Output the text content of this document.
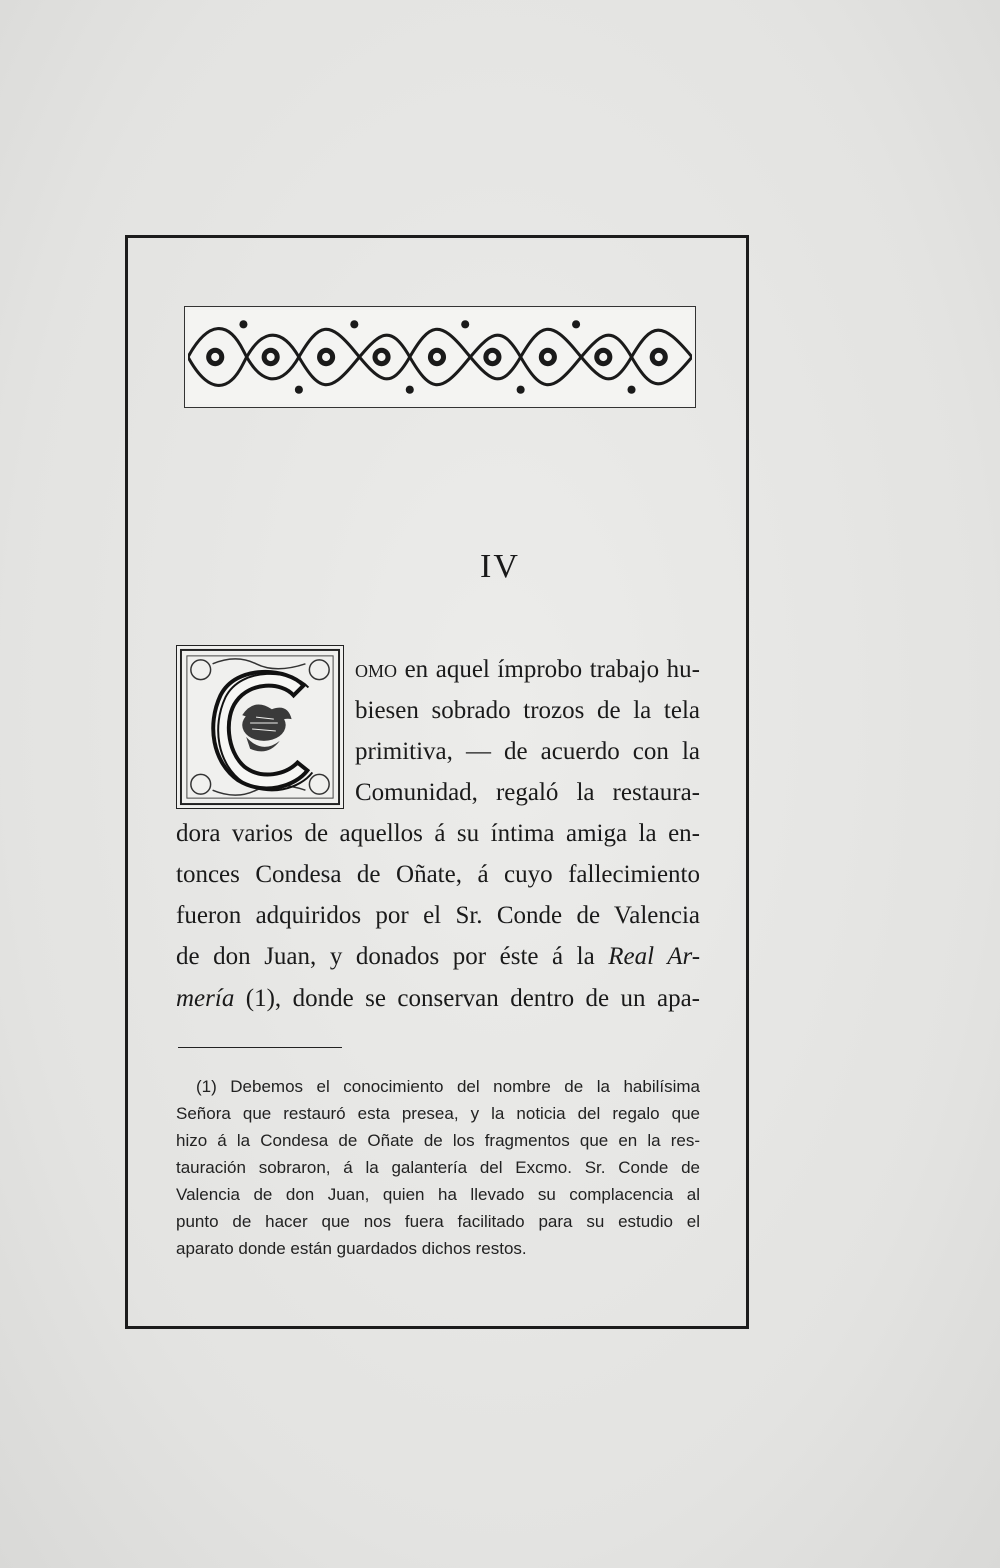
IV
omo en aquel ímprobo trabajo hu-
biesen sobrado trozos de la tela
primitiva, — de acuerdo con la
Comunidad, regaló la restaura-
dora varios de aquellos á su íntima amiga la en-
tonces Condesa de Oñate, á cuyo fallecimiento
fueron adquiridos por el Sr. Conde de Valencia
de don Juan, y donados por éste á la Real Ar-
mería (1), donde se conservan dentro de un apa-
(1) Debemos el conocimiento del nombre de la habilísima
Señora que restauró esta presea, y la noticia del regalo que
hizo á la Condesa de Oñate de los fragmentos que en la res-
tauración sobraron, á la galantería del Excmo. Sr. Conde de
Valencia de don Juan, quien ha llevado su complacencia al
punto de hacer que nos fuera facilitado para su estudio el
aparato donde están guardados dichos restos.
